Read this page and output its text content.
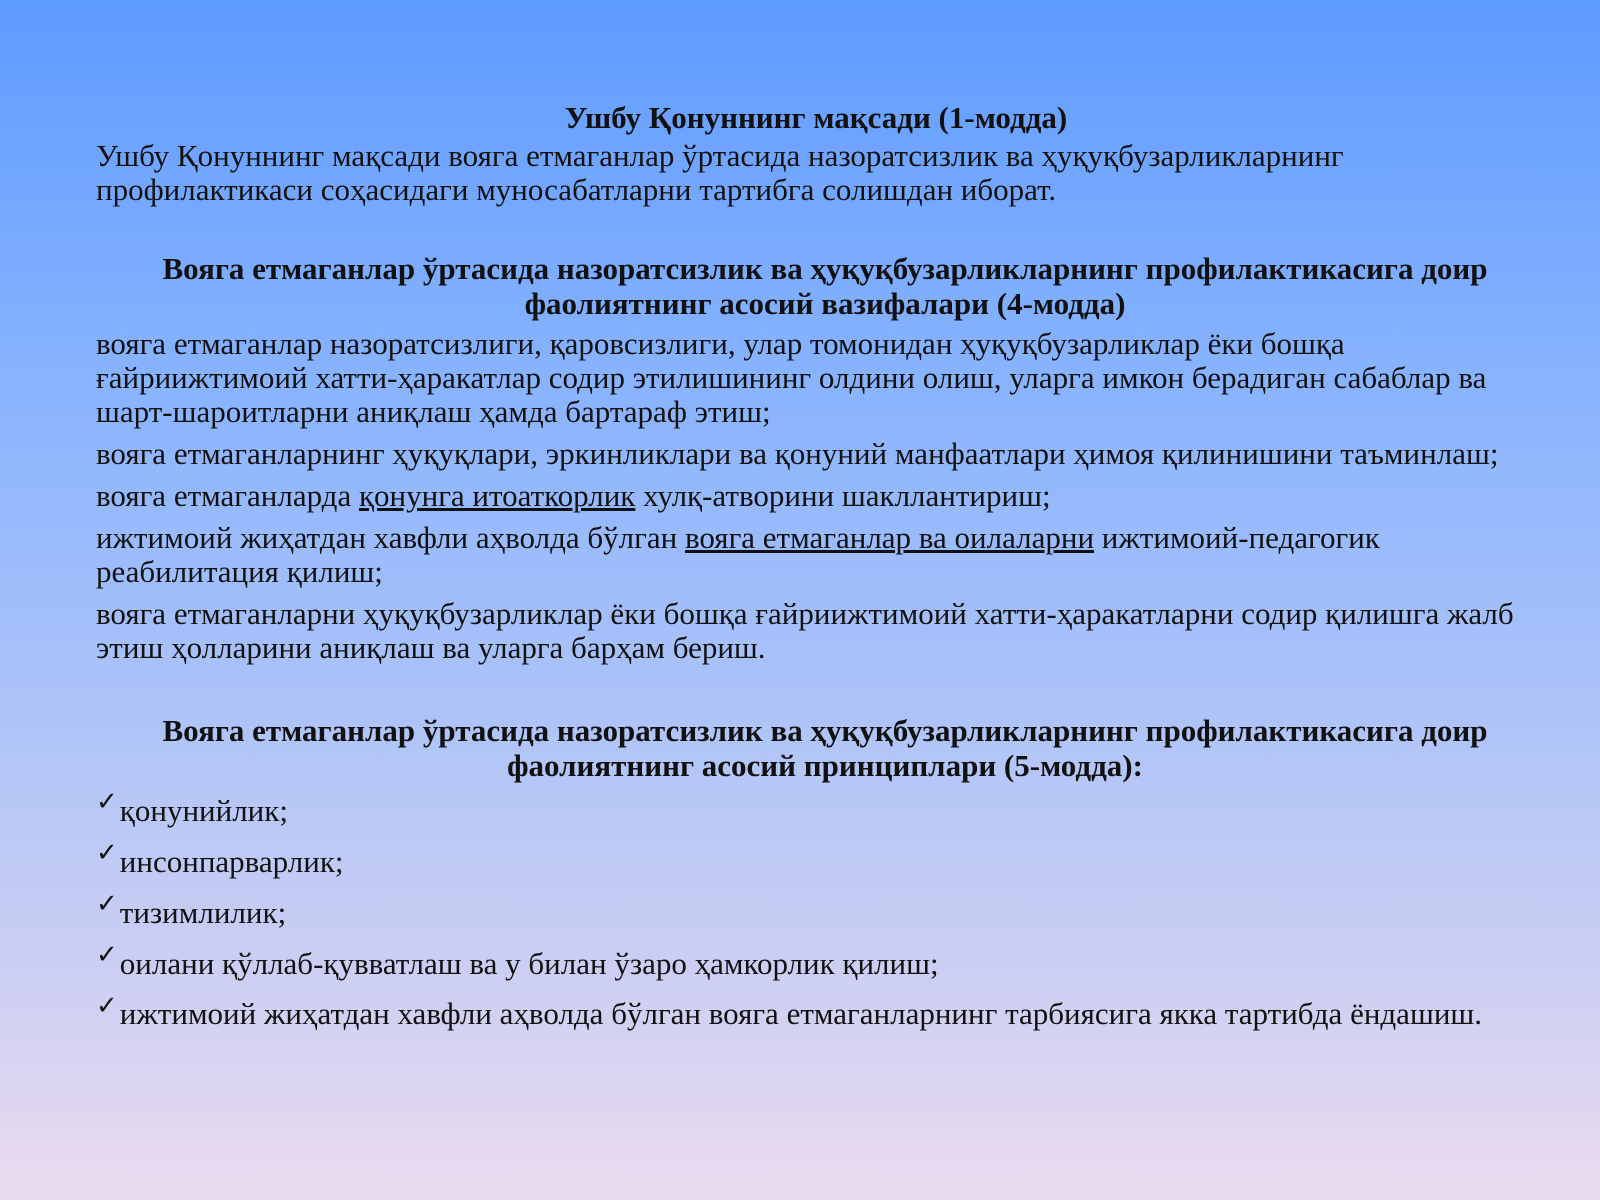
Ушбу Қонуннинг мақсади (1-модда)

Ушбу Қонуннинг мақсади вояга етмаганлар ўртасида назоратсизлик ва ҳуқуқбузарликларнинг профилактикаси соҳасидаги муносабатларни тартибга солишдан иборат.

Вояга етмаганлар ўртасида назоратсизлик ва ҳуқуқбузарликларнинг профилактикасига доир фаолиятнинг асосий вазифалари (4-модда)

вояга етмаганлар назоратсизлиги, қаровсизлиги, улар томонидан ҳуқуқбузарликлар ёки бошқа ғайриижтимоий хатти-ҳаракатлар содир этилишининг олдини олиш, уларга имкон берадиган сабаблар ва шарт-шароитларни аниқлаш ҳамда бартараф этиш;

вояга етмаганларнинг ҳуқуқлари, эркинликлари ва қонуний манфаатлари ҳимоя қилинишини таъминлаш;

вояга етмаганларда қонунга итоаткорлик хулқ-атворини шакллантириш;

ижтимоий жиҳатдан хавфли аҳволда бўлган вояга етмаганлар ва оилаларни ижтимоий-педагогик реабилитация қилиш;

вояга етмаганларни ҳуқуқбузарликлар ёки бошқа ғайриижтимоий хатти-ҳаракатларни содир қилишга жалб этиш ҳолларини аниқлаш ва уларга барҳам бериш.

Вояга етмаганлар ўртасида назоратсизлик ва ҳуқуқбузарликларнинг профилактикасига доир фаолиятнинг асосий принциплари (5-модда):

✓қонунийлик;

✓инсонпарварлик;

✓тизимлилик;

✓оилани қўллаб-қувватлаш ва у билан ўзаро ҳамкорлик қилиш;

✓ижтимоий жиҳатдан хавфли аҳволда бўлган вояга етмаганларнинг тарбиясига якка тартибда ёндашиш.
